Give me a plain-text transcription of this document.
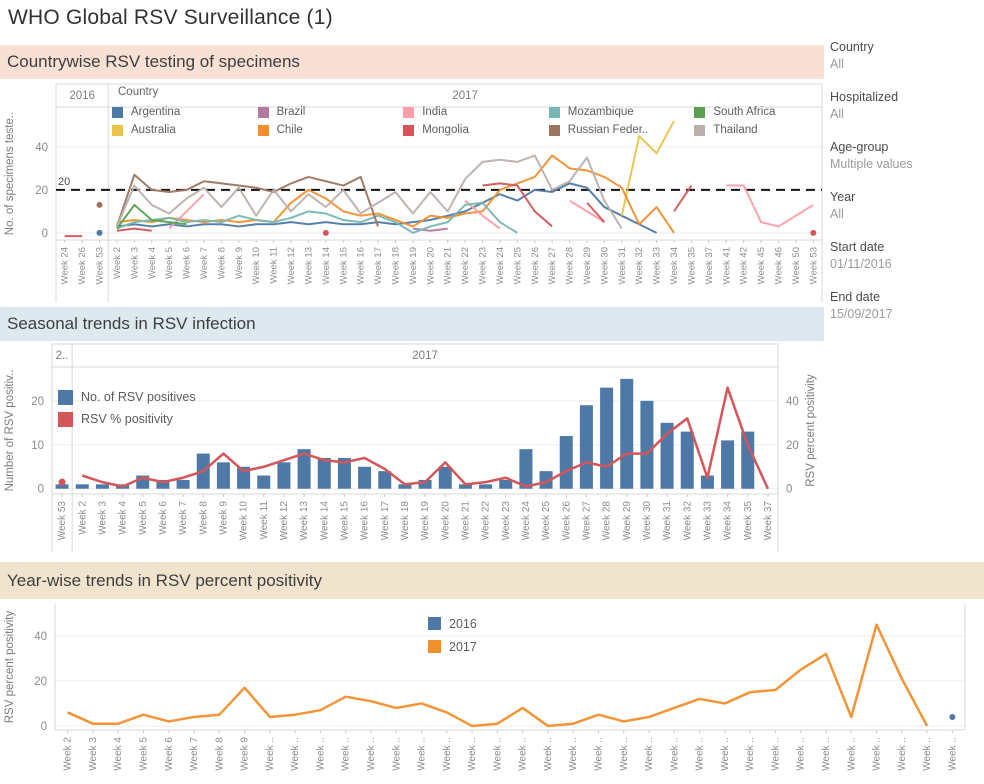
WHO Global RSV Surveillance (1)
Countrywise RSV testing of specimens
Seasonal trends in RSV infection
Year-wise trends in RSV percent positivity
2016	2017
0
20
40
20
Week 24 Week 26 Week 53 Week 2 Week 3 Week 4 Week 5 Week 6 Week 7 Week 8 Week 9 Week 10 Week 11 Week 12 Week 13 Week 14 Week 15 Week 16 Week 17 Week 18 Week 19 Week 20 Week 21 Week 22 Week 23 Week 24 Week 25 Week 26 Week 27 Week 28 Week 29 Week 30 Week 31 Week 32 Week 33 Week 34 Week 35 Week 37 Week 41 Week 42 Week 45 Week 46 Week 50 Week 53
No. of specimens teste..
2..	2017
0
10
20
0
20
40 RSV percent positivity
Week 53 Week 2 Week 3 Week 4 Week 5 Week 6 Week 7 Week 8 Week 9 Week 10 Week 11 Week 12 Week 13 Week 14 Week 15 Week 16 Week 17 Week 18 Week 19 Week 20 Week 21 Week 22 Week 23 Week 24 Week 25 Week 26 Week 27 Week 28 Week 29 Week 30 Week 31 Week 32 Week 33 Week 34 Week 35 Week 37
Number of RSV positiv..
0
20
40
Week 2 Week 3 Week 4 Week 5 Week 6 Week 7 Week 8 Week 9 Week .. Week .. Week .. Week .. Week .. Week .. Week .. Week .. Week .. Week .. Week .. Week .. Week .. Week .. Week .. Week .. Week .. Week .. Week .. Week .. Week .. Week .. Week .. Week .. Week .. Week .. Week .. Week ..
RSV percent positivity
Country
Argentina
Australia
Brazil
Chile
India
Mongolia
Mozambique
Russian Feder..
South Africa
Thailand
No. of RSV positives
RSV % positivity
2016
2017
Country
All
Hospitalized
All
Age-group
Multiple values
Year
All
Start date
01/11/2016
End date
15/09/2017
